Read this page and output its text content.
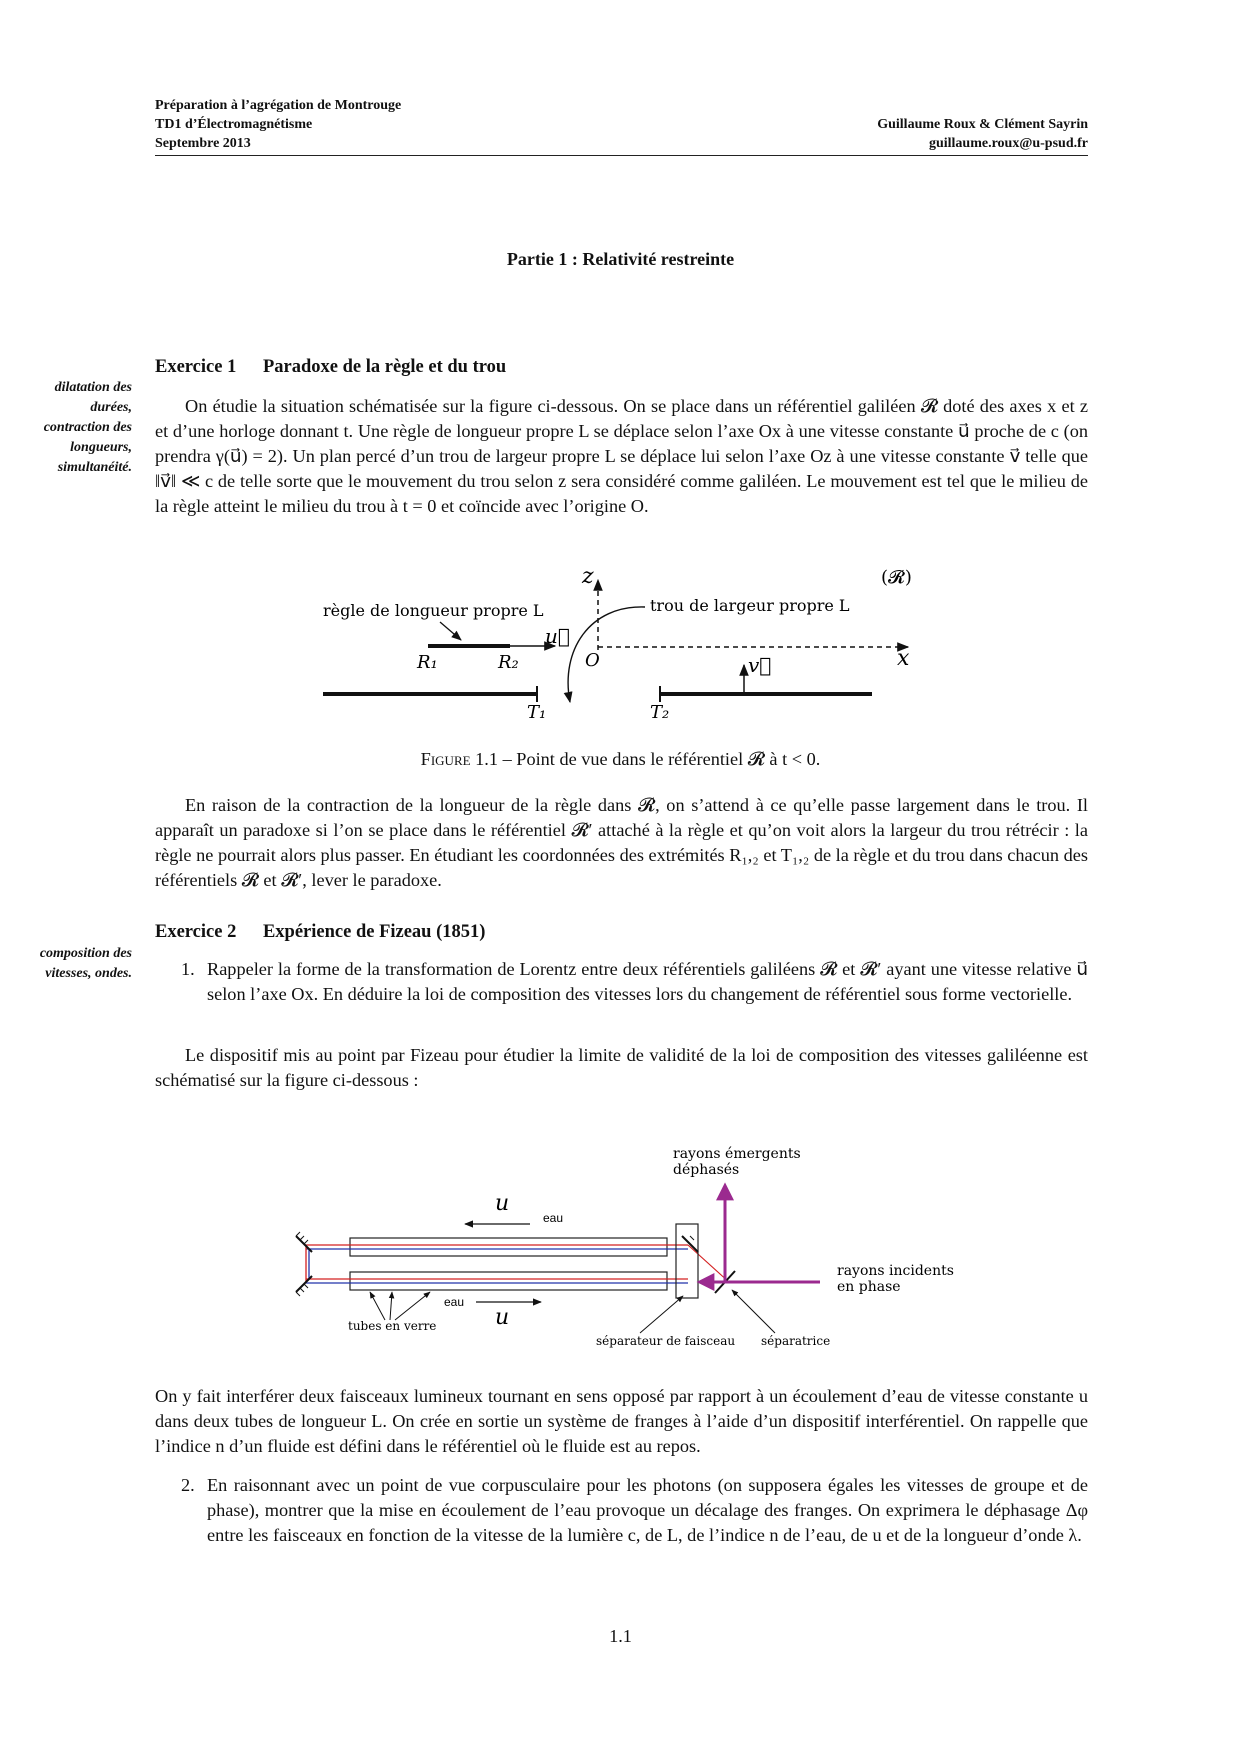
Préparation à l’agrégation de Montrouge
TD1 d’Électromagnétisme
Septembre 2013
Guillaume Roux & Clément Sayrin
guillaume.roux@u-psud.fr
Partie 1 : Relativité restreinte
dilatation des
durées,
contraction des
longueurs,
simultanéité.
Exercice 1 Paradoxe de la règle et du trou

On étudie la situation schématisée sur la figure ci-dessous. On se place dans un référentiel galiléen 𝓡 doté des axes x et z et d’une horloge donnant t. Une règle de longueur propre L se déplace selon l’axe Ox à une vitesse constante u⃗ proche de c (on prendra γ(u⃗) = 2). Un plan percé d’un trou de largeur propre L se déplace lui selon l’axe Oz à une vitesse constante v⃗ telle que ‖v⃗‖ ≪ c de telle sorte que le mouvement du trou selon z sera considéré comme galiléen. Le mouvement est tel que le milieu de la règle atteint le milieu du trou à t = 0 et coïncide avec l’origine O.

z
x
O
(𝓡)
u⃗
règle de longueur propre L
R₁	R₂
T₁	T₂
v⃗
trou de largeur propre L
Figure 1.1 – Point de vue dans le référentiel 𝓡 à t < 0.

En raison de la contraction de la longueur de la règle dans 𝓡, on s’attend à ce qu’elle passe largement dans le trou. Il apparaît un paradoxe si l’on se place dans le référentiel 𝓡′ attaché à la règle et qu’on voit alors la largeur du trou rétrécir : la règle ne pourrait alors plus passer. En étudiant les coordonnées des extrémités R₁,₂ et T₁,₂ de la règle et du trou dans chacun des référentiels 𝓡 et 𝓡′, lever le paradoxe.

composition des
vitesses, ondes.
Exercice 2 Expérience de Fizeau (1851)
1. Rappeler la forme de la transformation de Lorentz entre deux référentiels galiléens 𝓡 et 𝓡′ ayant une vitesse relative u⃗ selon l’axe Ox. En déduire la loi de composition des vitesses lors du changement de référentiel sous forme vectorielle.

Le dispositif mis au point par Fizeau pour étudier la limite de validité de la loi de composition des vitesses galiléenne est schématisé sur la figure ci-dessous :

u
u
eau
eau
tubes en verre
séparateur de faisceau séparatrice
rayons émergents
déphasés
rayons incidents
en phase

On y fait interférer deux faisceaux lumineux tournant en sens opposé par rapport à un écoulement d’eau de vitesse constante u dans deux tubes de longueur L. On crée en sortie un système de franges à l’aide d’un dispositif interférentiel. On rappelle que l’indice n d’un fluide est défini dans le référentiel où le fluide est au repos.

2. En raisonnant avec un point de vue corpusculaire pour les photons (on supposera égales les vitesses de groupe et de phase), montrer que la mise en écoulement de l’eau provoque un décalage des franges. On exprimera le déphasage Δφ entre les faisceaux en fonction de la vitesse de la lumière c, de L, de l’indice n de l’eau, de u et de la longueur d’onde λ.
1.1
